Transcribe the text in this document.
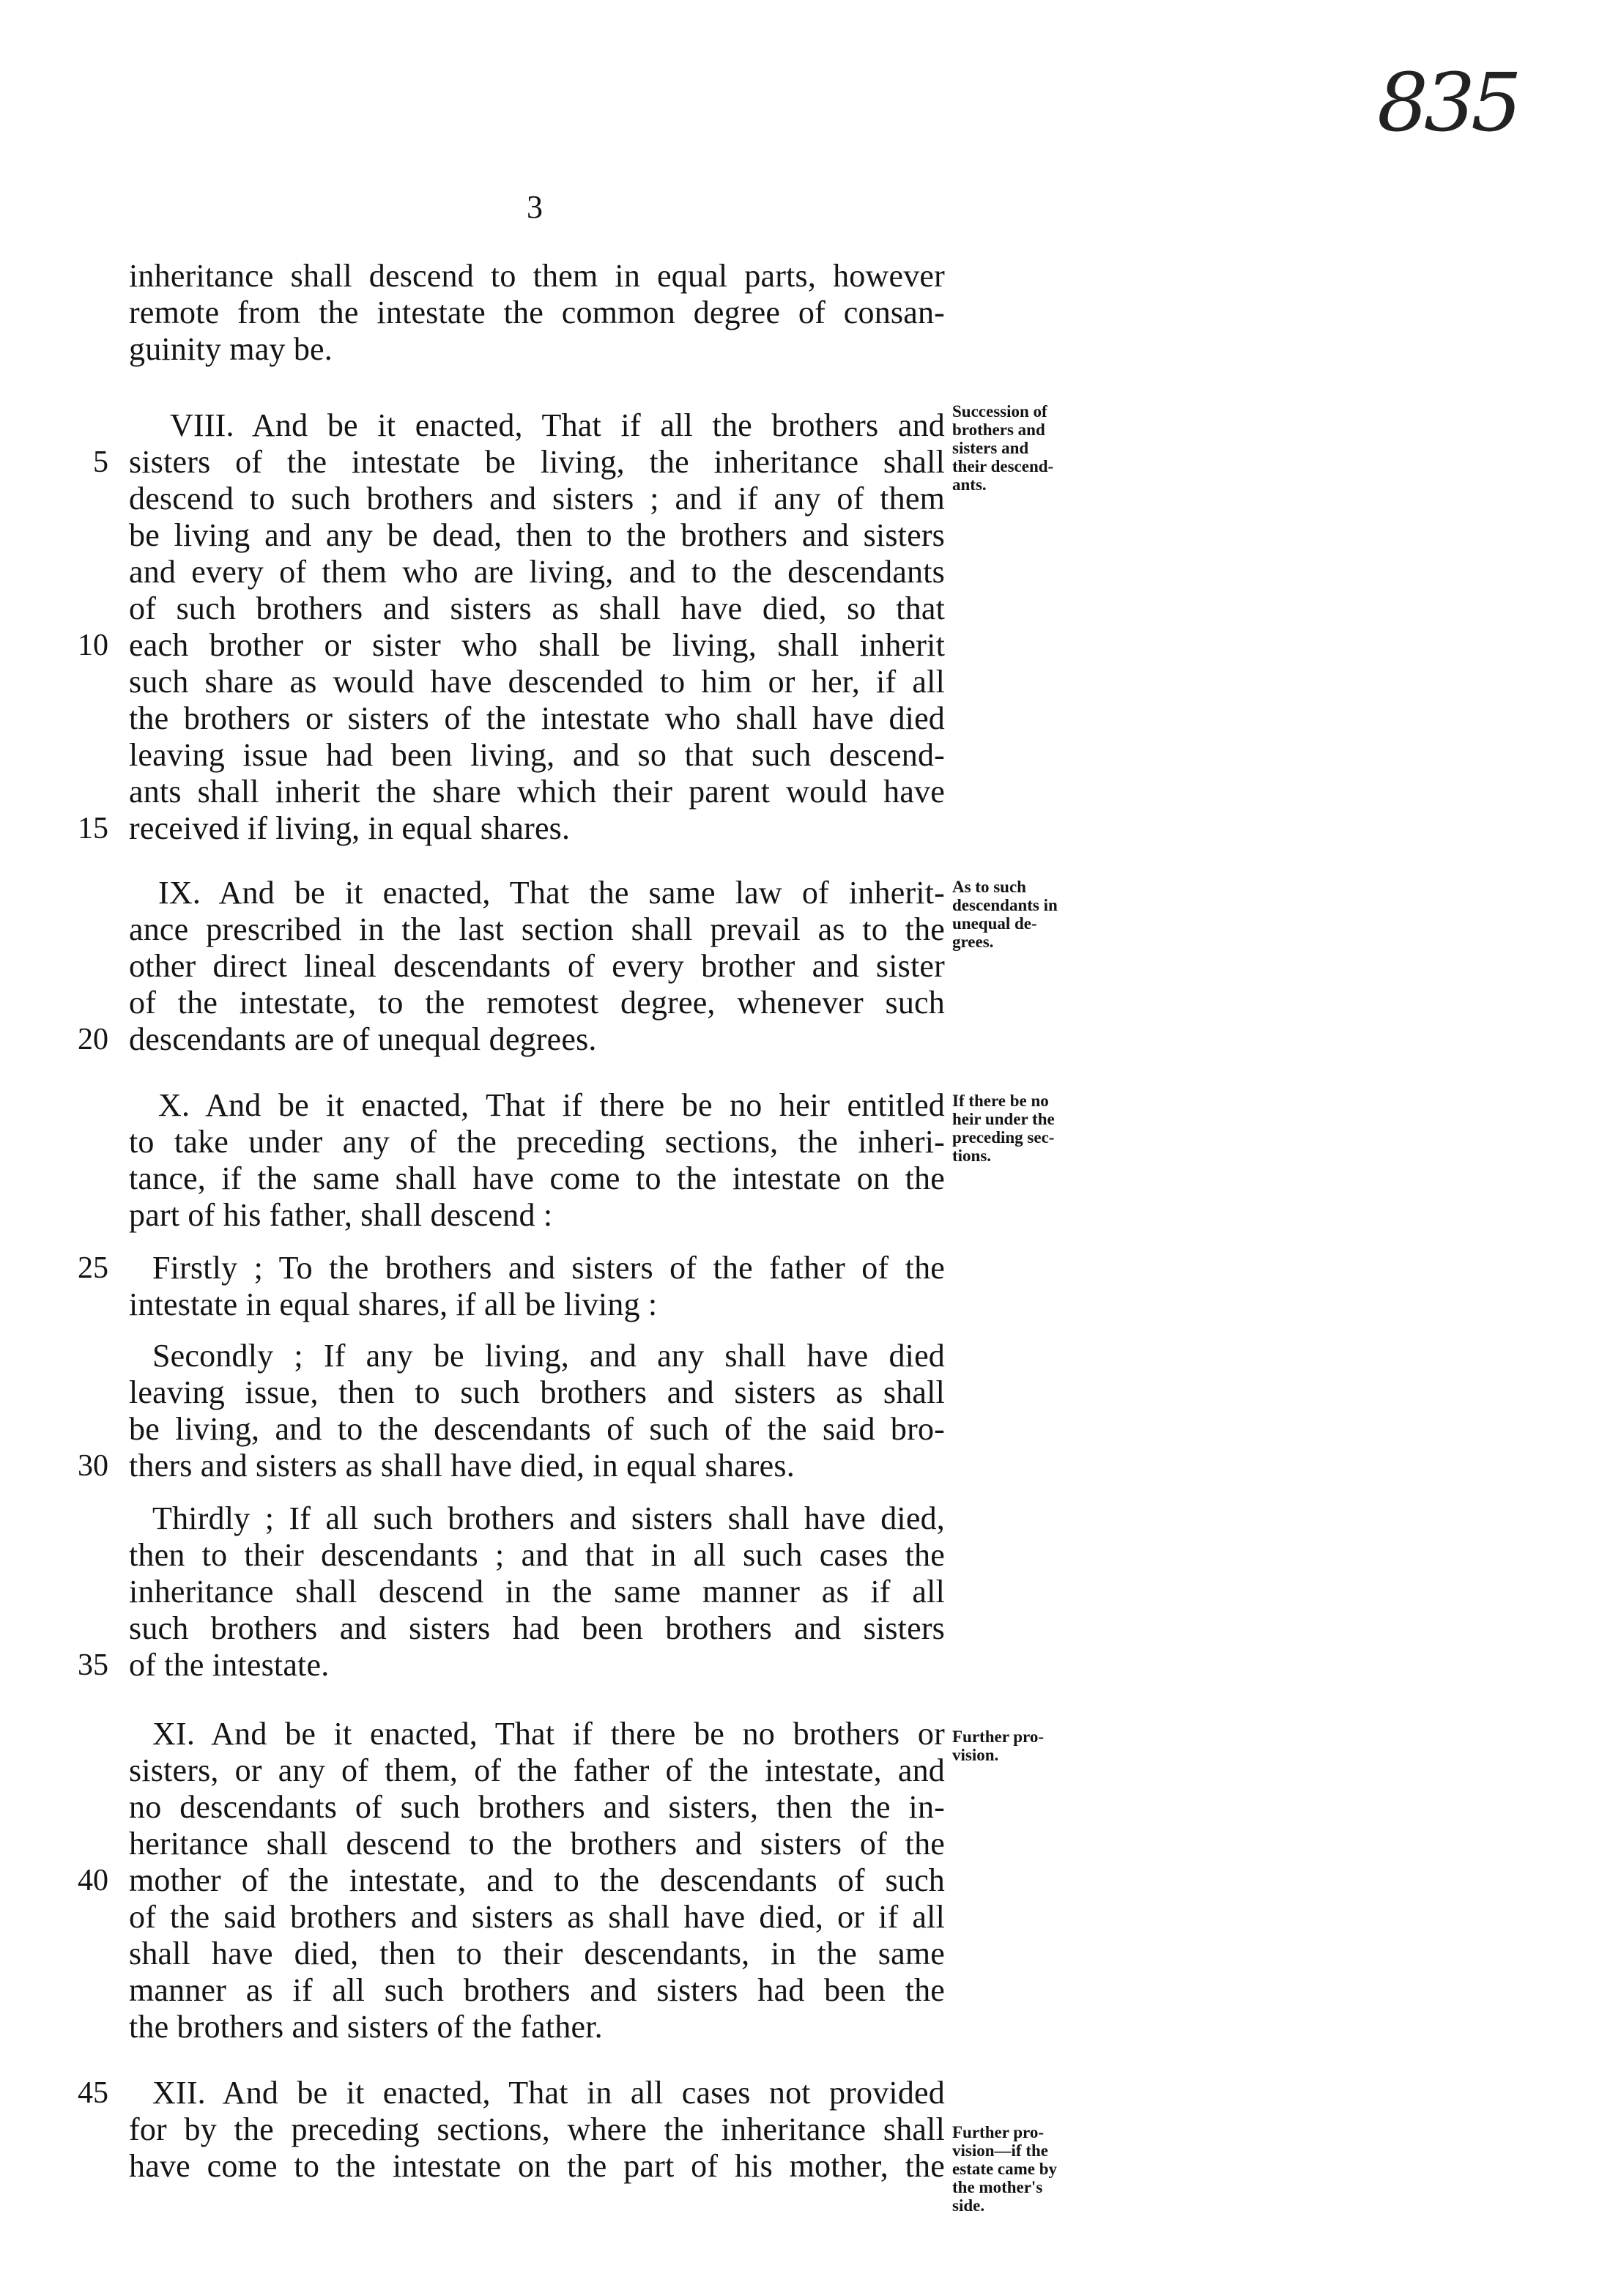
835
3
inheritance shall descend to them in equal parts, however
remote from the intestate the common degree of consan-
guinity may be.
VIII. And be it enacted, That if all the brothers and
sisters of the intestate be living, the inheritance shall
descend to such brothers and sisters ; and if any of them
be living and any be dead, then to the brothers and sisters
and every of them who are living, and to the descendants
of such brothers and sisters as shall have died, so that
each brother or sister who shall be living, shall inherit
such share as would have descended to him or her, if all
the brothers or sisters of the intestate who shall have died
leaving issue had been living, and so that such descend-
ants shall inherit the share which their parent would have
received if living, in equal shares.
IX. And be it enacted, That the same law of inherit-
ance prescribed in the last section shall prevail as to the
other direct lineal descendants of every brother and sister
of the intestate, to the remotest degree, whenever such
descendants are of unequal degrees.
X. And be it enacted, That if there be no heir entitled
to take under any of the preceding sections, the inheri-
tance, if the same shall have come to the intestate on the
part of his father, shall descend :
Firstly ; To the brothers and sisters of the father of the
intestate in equal shares, if all be living :
Secondly ; If any be living, and any shall have died
leaving issue, then to such brothers and sisters as shall
be living, and to the descendants of such of the said bro-
thers and sisters as shall have died, in equal shares.
Thirdly ; If all such brothers and sisters shall have died,
then to their descendants ; and that in all such cases the
inheritance shall descend in the same manner as if all
such brothers and sisters had been brothers and sisters
of the intestate.
XI. And be it enacted, That if there be no brothers or
sisters, or any of them, of the father of the intestate, and
no descendants of such brothers and sisters, then the in-
heritance shall descend to the brothers and sisters of the
mother of the intestate, and to the descendants of such
of the said brothers and sisters as shall have died, or if all
shall have died, then to their descendants, in the same
manner as if all such brothers and sisters had been the
the brothers and sisters of the father.
XII. And be it enacted, That in all cases not provided
for by the preceding sections, where the inheritance shall
have come to the intestate on the part of his mother, the
5
10
15
20
25
30
35
40
45
Succession of
brothers and
sisters and
their descend-
ants.
As to such
descendants in
unequal de-
grees.
If there be no
heir under the
preceding sec-
tions.
Further pro-
vision.
Further pro-
vision—if the
estate came by
the mother's
side.
